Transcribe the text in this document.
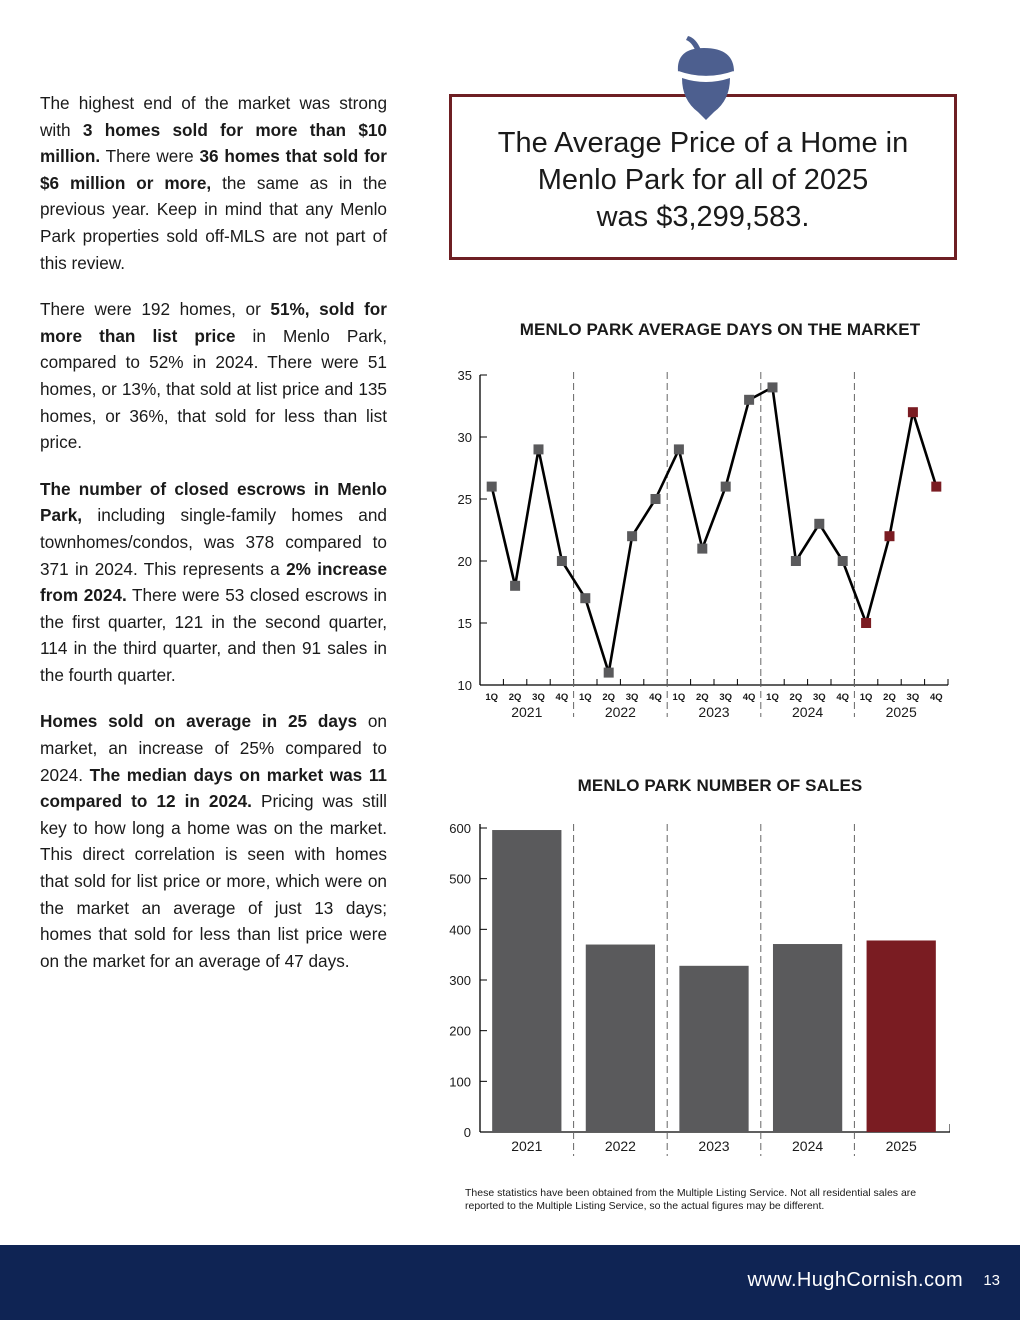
The highest end of the market was strong with 3 homes sold for more than $10 million. There were 36 homes that sold for $6 million or more, the same as in the previous year. Keep in mind that any Menlo Park properties sold off-MLS are not part of this review.

There were 192 homes, or 51%, sold for more than list price in Menlo Park, compared to 52% in 2024. There were 51 homes, or 13%, that sold at list price and 135 homes, or 36%, that sold for less than list price.

The number of closed escrows in Menlo Park, including single-family homes and townhomes/condos, was 378 compared to 371 in 2024. This represents a 2% increase from 2024. There were 53 closed escrows in the first quarter, 121 in the second quarter, 114 in the third quarter, and then 91 sales in the fourth quarter.

Homes sold on average in 25 days on market, an increase of 25% compared to 2024. The median days on market was 11 compared to 12 in 2024. Pricing was still key to how long a home was on the market. This direct correlation is seen with homes that sold for list price or more, which were on the market an average of just 13 days; homes that sold for less than list price were on the market for an average of 47 days.

The Average Price of a Home in
Menlo Park for all of 2025
was $3,299,583.
MENLO PARK AVERAGE DAYS ON THE MARKET
10
15
20
25
30
35
1Q 2Q 3Q 4Q 1Q 2Q 3Q 4Q 1Q 2Q 3Q 4Q 1Q 2Q 3Q 4Q 1Q 2Q 3Q 4Q
2021	2022	2023	2024	2025
MENLO PARK NUMBER OF SALES
0
100
200
300
400
500
600
2021	2022	2023	2024	2025
These statistics have been obtained from the Multiple Listing Service. Not all residential sales are reported to the Multiple Listing Service, so the actual figures may be different.
www.HughCornish.com 13
